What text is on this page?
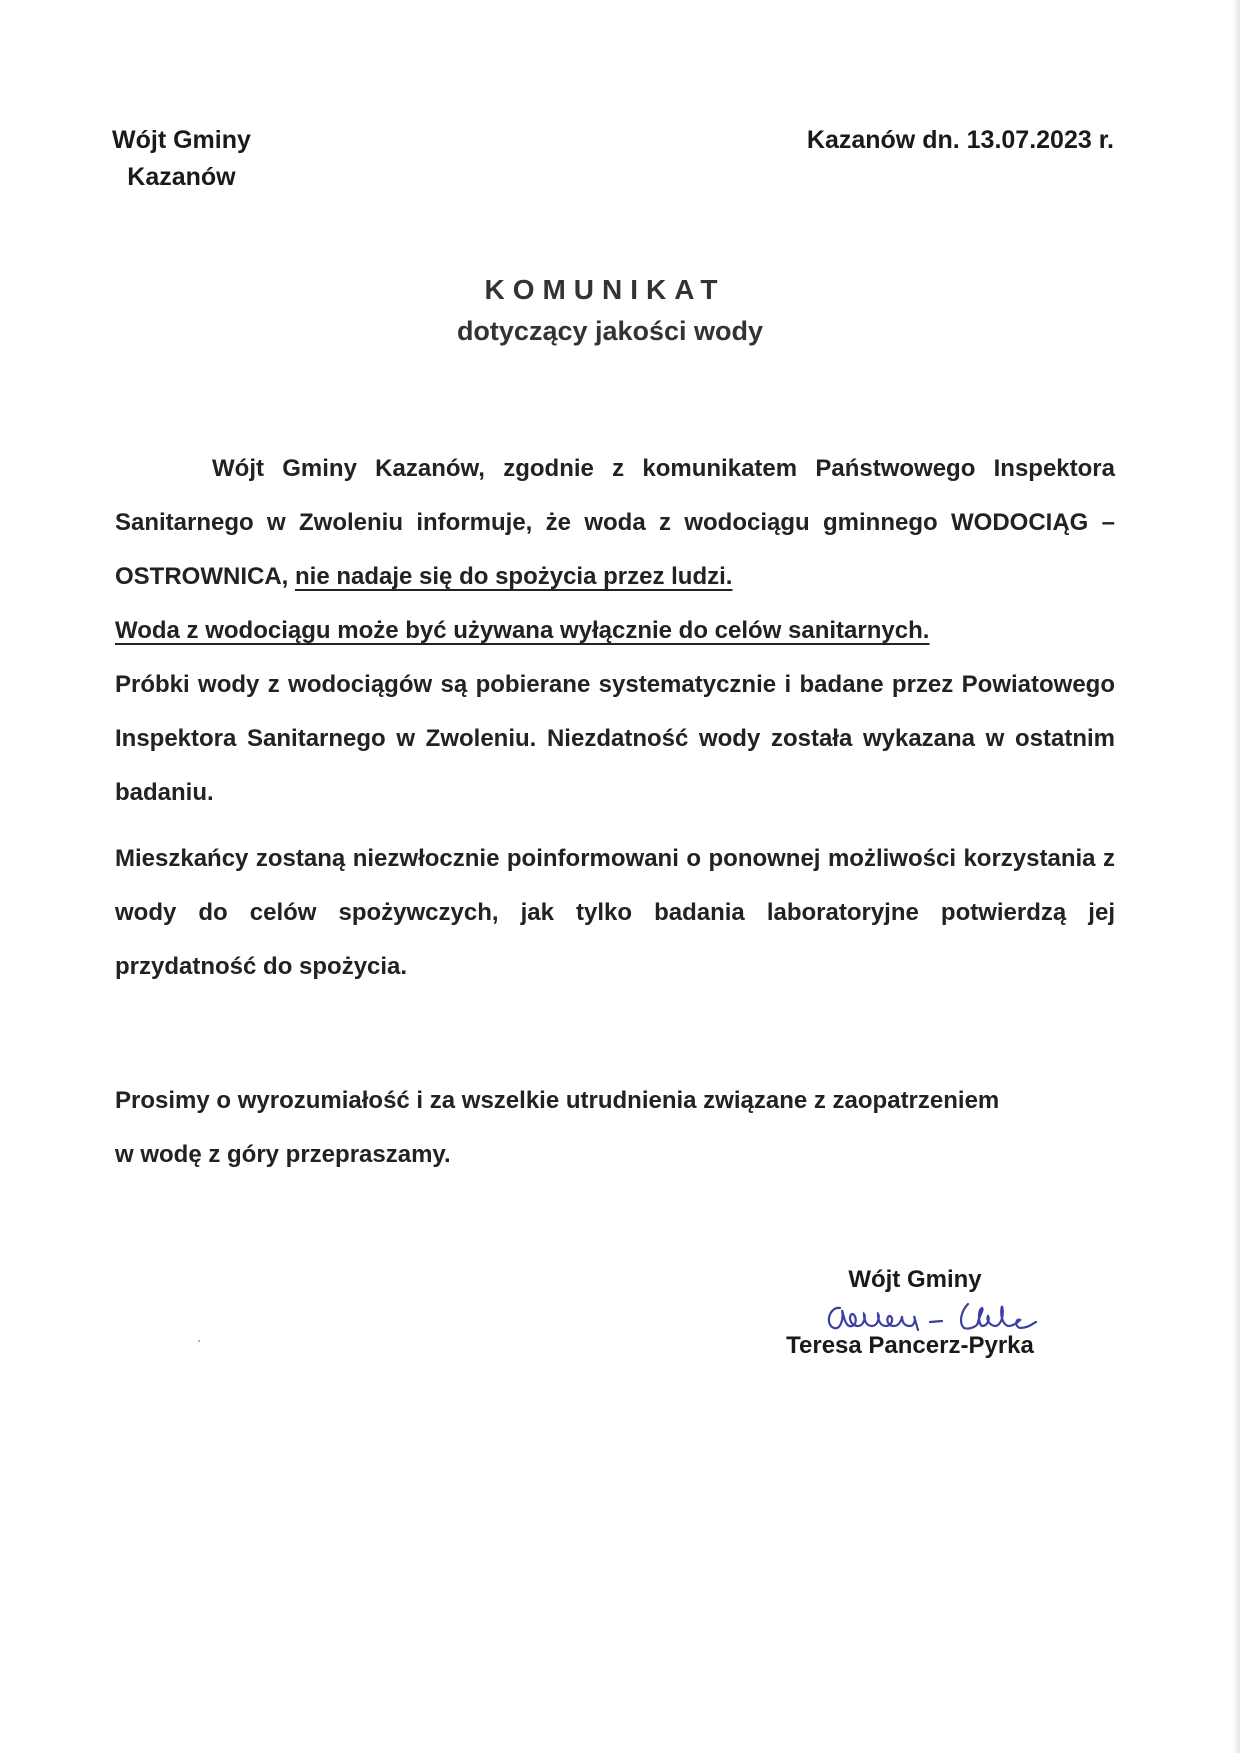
Wójt Gminy
Kazanów
Kazanów dn. 13.07.2023 r.
KOMUNIKAT
dotyczący jakości wody

Wójt Gminy Kazanów, zgodnie z komunikatem Państwowego Inspektora Sanitarnego w Zwoleniu informuje, że woda z wodociągu gminnego WODOCIĄG – OSTROWNICA, nie nadaje się do spożycia przez ludzi.

Woda z wodociągu może być używana wyłącznie do celów sanitarnych.

Próbki wody z wodociągów są pobierane systematycznie i badane przez Powiatowego Inspektora Sanitarnego w Zwoleniu. Niezdatność wody została wykazana w ostatnim badaniu.

Mieszkańcy zostaną niezwłocznie poinformowani o ponownej możliwości korzystania z wody do celów spożywczych, jak tylko badania laboratoryjne potwierdzą jej przydatność do spożycia.

Prosimy o wyrozumiałość i za wszelkie utrudnienia związane z zaopatrzeniem

w wodę z góry przepraszamy.

Wójt Gminy
Teresa Pancerz-Pyrka
